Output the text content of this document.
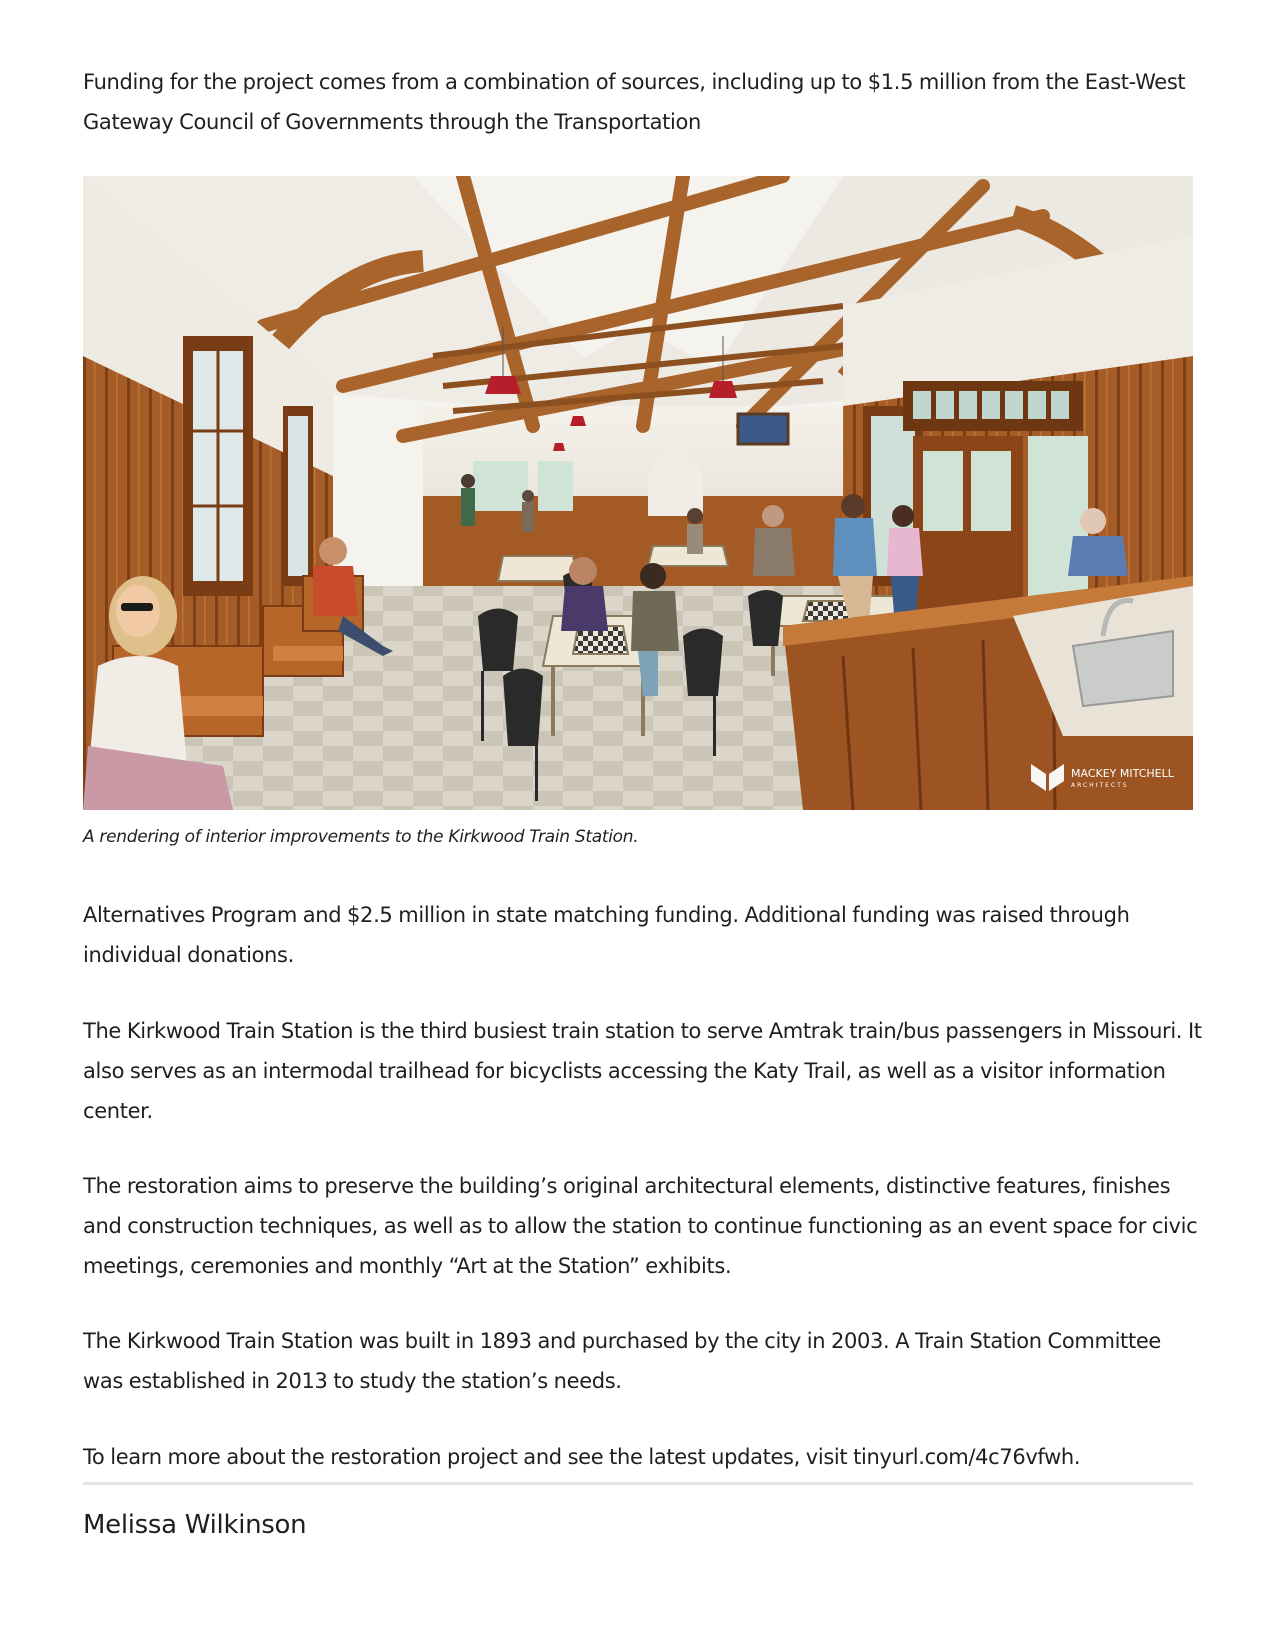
Funding for the project comes from a combination of sources, including up to $1.5 million from the East-West Gateway Council of Governments through the Transportation

MACKEY MITCHELL
ARCHITECTS
A rendering of interior improvements to the Kirkwood Train Station.

Alternatives Program and $2.5 million in state matching funding. Additional funding was raised through individual donations.

The Kirkwood Train Station is the third busiest train station to serve Amtrak train/bus passengers in Missouri. It also serves as an intermodal trailhead for bicyclists accessing the Katy Trail, as well as a visitor information center.

The restoration aims to preserve the building’s original architectural elements, distinctive features, finishes and construction techniques, as well as to allow the station to continue functioning as an event space for civic meetings, ceremonies and monthly “Art at the Station” exhibits.

The Kirkwood Train Station was built in 1893 and purchased by the city in 2003. A Train Station Committee was established in 2013 to study the station’s needs.

To learn more about the restoration project and see the latest updates, visit tinyurl.com/4c76vfwh.

Melissa Wilkinson
